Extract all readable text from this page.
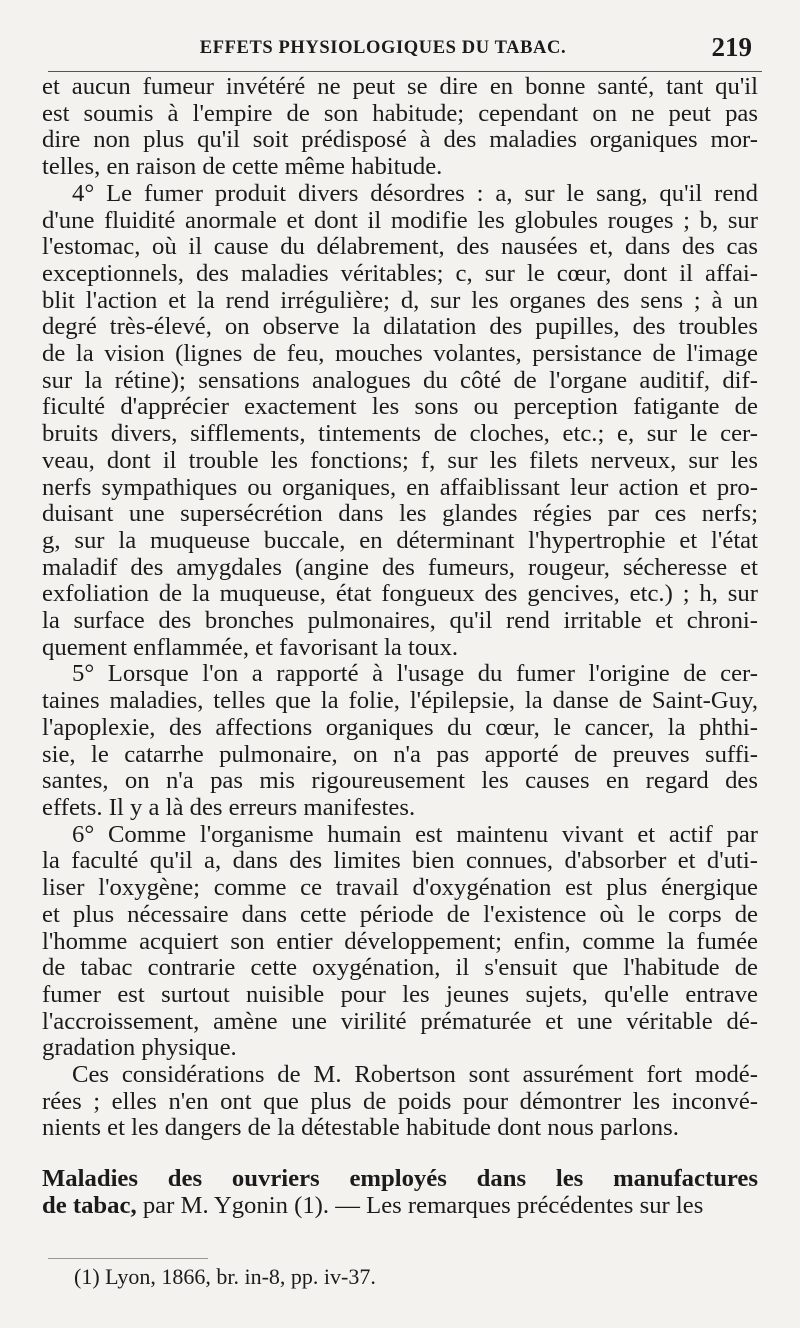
EFFETS PHYSIOLOGIQUES DU TABAC.	219

et aucun fumeur invétéré ne peut se dire en bonne santé, tant qu'il
est soumis à l'empire de son habitude; cependant on ne peut pas
dire non plus qu'il soit prédisposé à des maladies organiques mor-
telles, en raison de cette même habitude.

4° Le fumer produit divers désordres : a, sur le sang, qu'il rend
d'une fluidité anormale et dont il modifie les globules rouges ; b, sur
l'estomac, où il cause du délabrement, des nausées et, dans des cas
exceptionnels, des maladies véritables; c, sur le cœur, dont il affai-
blit l'action et la rend irrégulière; d, sur les organes des sens ; à un
degré très-élevé, on observe la dilatation des pupilles, des troubles
de la vision (lignes de feu, mouches volantes, persistance de l'image
sur la rétine); sensations analogues du côté de l'organe auditif, dif-
ficulté d'apprécier exactement les sons ou perception fatigante de
bruits divers, sifflements, tintements de cloches, etc.; e, sur le cer-
veau, dont il trouble les fonctions; f, sur les filets nerveux, sur les
nerfs sympathiques ou organiques, en affaiblissant leur action et pro-
duisant une supersécrétion dans les glandes régies par ces nerfs;
g, sur la muqueuse buccale, en déterminant l'hypertrophie et l'état
maladif des amygdales (angine des fumeurs, rougeur, sécheresse et
exfoliation de la muqueuse, état fongueux des gencives, etc.) ; h, sur
la surface des bronches pulmonaires, qu'il rend irritable et chroni-
quement enflammée, et favorisant la toux.

5° Lorsque l'on a rapporté à l'usage du fumer l'origine de cer-
taines maladies, telles que la folie, l'épilepsie, la danse de Saint-Guy,
l'apoplexie, des affections organiques du cœur, le cancer, la phthi-
sie, le catarrhe pulmonaire, on n'a pas apporté de preuves suffi-
santes, on n'a pas mis rigoureusement les causes en regard des
effets. Il y a là des erreurs manifestes.

6° Comme l'organisme humain est maintenu vivant et actif par
la faculté qu'il a, dans des limites bien connues, d'absorber et d'uti-
liser l'oxygène; comme ce travail d'oxygénation est plus énergique
et plus nécessaire dans cette période de l'existence où le corps de
l'homme acquiert son entier développement; enfin, comme la fumée
de tabac contrarie cette oxygénation, il s'ensuit que l'habitude de
fumer est surtout nuisible pour les jeunes sujets, qu'elle entrave
l'accroissement, amène une virilité prématurée et une véritable dé-
gradation physique.

Ces considérations de M. Robertson sont assurément fort modé-
rées ; elles n'en ont que plus de poids pour démontrer les inconvé-
nients et les dangers de la détestable habitude dont nous parlons.

Maladies des ouvriers employés dans les manufactures
de tabac, par M. Ygonin (1). — Les remarques précédentes sur les

(1) Lyon, 1866, br. in-8, pp. iv-37.
